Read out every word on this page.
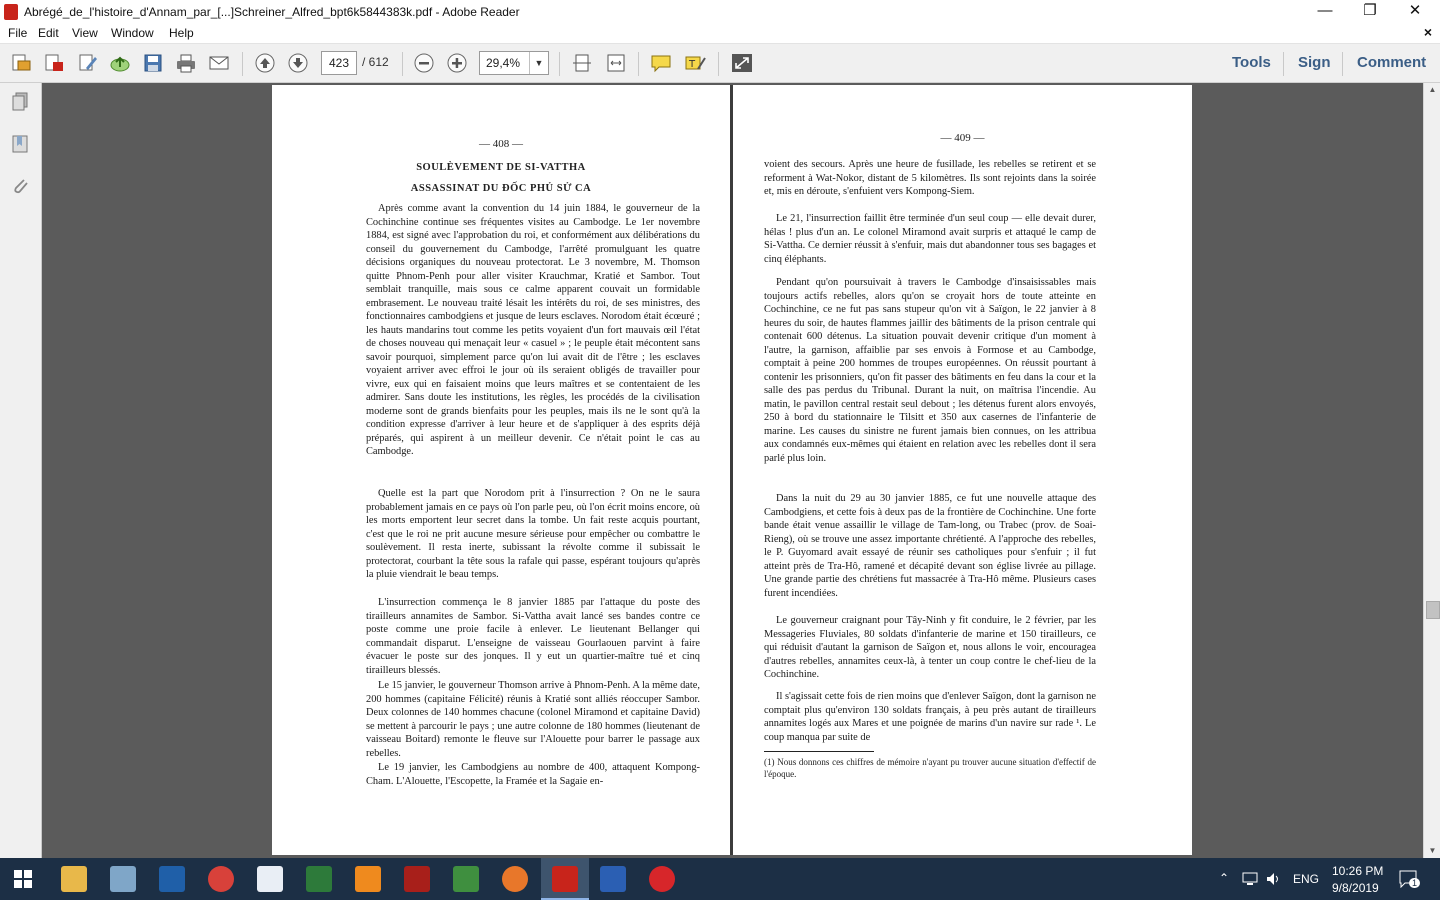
Abrégé_de_l'histoire_d'Annam_par_[...]Schreiner_Alfred_bpt6k5844383k.pdf - Adobe Reader	—	❐	✕
File Edit View Window Help	×
423	/ 612	29,4%	▼	T	Tools Sign Comment
— 408 —
SOULÈVEMENT DE SI-VATTHA
ASSASSINAT DU ĐỐC PHỦ SỬ CA

Après comme avant la convention du 14 juin 1884, le gouverneur de la Cochinchine continue ses fréquentes visites au Cambodge. Le 1er novembre 1884, est signé avec l'approbation du roi, et conformément aux délibérations du conseil du gouvernement du Cambodge, l'arrêté promulguant les quatre décisions organiques du nouveau protectorat. Le 3 novembre, M. Thomson quitte Phnom-Penh pour aller visiter Krauchmar, Kratié et Sambor. Tout semblait tranquille, mais sous ce calme apparent couvait un formidable embrasement. Le nouveau traité lésait les intérêts du roi, de ses ministres, des fonctionnaires cambodgiens et jusque de leurs esclaves. Norodom était écœuré ; les hauts mandarins tout comme les petits voyaient d'un fort mauvais œil l'état de choses nouveau qui menaçait leur « casuel » ; le peuple était mécontent sans savoir pourquoi, simplement parce qu'on lui avait dit de l'être ; les esclaves voyaient arriver avec effroi le jour où ils seraient obligés de travailler pour vivre, eux qui en faisaient moins que leurs maîtres et se contentaient de les admirer. Sans doute les institutions, les règles, les procédés de la civilisation moderne sont de grands bienfaits pour les peuples, mais ils ne le sont qu'à la condition expresse d'arriver à leur heure et de s'appliquer à des esprits déjà préparés, qui aspirent à un meilleur devenir. Ce n'était point le cas au Cambodge.

Quelle est la part que Norodom prit à l'insurrection ? On ne le saura probablement jamais en ce pays où l'on parle peu, où l'on écrit moins encore, où les morts emportent leur secret dans la tombe. Un fait reste acquis pourtant, c'est que le roi ne prit aucune mesure sérieuse pour empêcher ou combattre le soulèvement. Il resta inerte, subissant la révolte comme il subissait le protectorat, courbant la tête sous la rafale qui passe, espérant toujours qu'après la pluie viendrait le beau temps.

L'insurrection commença le 8 janvier 1885 par l'attaque du poste des tirailleurs annamites de Sambor. Si-Vattha avait lancé ses bandes contre ce poste comme une proie facile à enlever. Le lieutenant Bellanger qui commandait disparut. L'enseigne de vaisseau Gourlaouen parvint à faire évacuer le poste sur des jonques. Il y eut un quartier-maître tué et cinq tirailleurs blessés.

Le 15 janvier, le gouverneur Thomson arrive à Phnom-Penh. A la même date, 200 hommes (capitaine Félicité) réunis à Kratié sont alliés réoccuper Sambor. Deux colonnes de 140 hommes chacune (colonel Miramond et capitaine David) se mettent à parcourir le pays ; une autre colonne de 180 hommes (lieutenant de vaisseau Boitard) remonte le fleuve sur l'Alouette pour barrer le passage aux rebelles.

Le 19 janvier, les Cambodgiens au nombre de 400, attaquent Kompong-Cham. L'Alouette, l'Escopette, la Framée et la Sagaie en-

— 409 —

voient des secours. Après une heure de fusillade, les rebelles se retirent et se reforment à Wat-Nokor, distant de 5 kilomètres. Ils sont rejoints dans la soirée et, mis en déroute, s'enfuient vers Kompong-Siem.

Le 21, l'insurrection faillit être terminée d'un seul coup — elle devait durer, hélas ! plus d'un an. Le colonel Miramond avait surpris et attaqué le camp de Si-Vattha. Ce dernier réussit à s'enfuir, mais dut abandonner tous ses bagages et cinq éléphants.

Pendant qu'on poursuivait à travers le Cambodge d'insaisissables mais toujours actifs rebelles, alors qu'on se croyait hors de toute atteinte en Cochinchine, ce ne fut pas sans stupeur qu'on vit à Saïgon, le 22 janvier à 8 heures du soir, de hautes flammes jaillir des bâtiments de la prison centrale qui contenait 600 détenus. La situation pouvait devenir critique d'un moment à l'autre, la garnison, affaiblie par ses envois à Formose et au Cambodge, comptait à peine 200 hommes de troupes européennes. On réussit pourtant à contenir les prisonniers, qu'on fit passer des bâtiments en feu dans la cour et la salle des pas perdus du Tribunal. Durant la nuit, on maîtrisa l'incendie. Au matin, le pavillon central restait seul debout ; les détenus furent alors envoyés, 250 à bord du stationnaire le Tilsitt et 350 aux casernes de l'infanterie de marine. Les causes du sinistre ne furent jamais bien connues, on les attribua aux condamnés eux-mêmes qui étaient en relation avec les rebelles dont il sera parlé plus loin.

Dans la nuit du 29 au 30 janvier 1885, ce fut une nouvelle attaque des Cambodgiens, et cette fois à deux pas de la frontière de Cochinchine. Une forte bande était venue assaillir le village de Tam-long, ou Trabec (prov. de Soai-Rieng), où se trouve une assez importante chrétienté. A l'approche des rebelles, le P. Guyomard avait essayé de réunir ses catholiques pour s'enfuir ; il fut atteint près de Tra-Hô, ramené et décapité devant son église livrée au pillage. Une grande partie des chrétiens fut massacrée à Tra-Hô même. Plusieurs cases furent incendiées.

Le gouverneur craignant pour Tây-Ninh y fit conduire, le 2 février, par les Messageries Fluviales, 80 soldats d'infanterie de marine et 150 tirailleurs, ce qui réduisit d'autant la garnison de Saïgon et, nous allons le voir, encouragea d'autres rebelles, annamites ceux-là, à tenter un coup contre le chef-lieu de la Cochinchine.

Il s'agissait cette fois de rien moins que d'enlever Saïgon, dont la garnison ne comptait plus qu'environ 130 soldats français, à peu près autant de tirailleurs annamites logés aux Mares et une poignée de marins d'un navire sur rade ¹. Le coup manqua par suite de

(1) Nous donnons ces chiffres de mémoire n'ayant pu trouver aucune situation d'effectif de l'époque.

▲
▼
⌃	ENG
10:26 PM
9/8/2019	1
